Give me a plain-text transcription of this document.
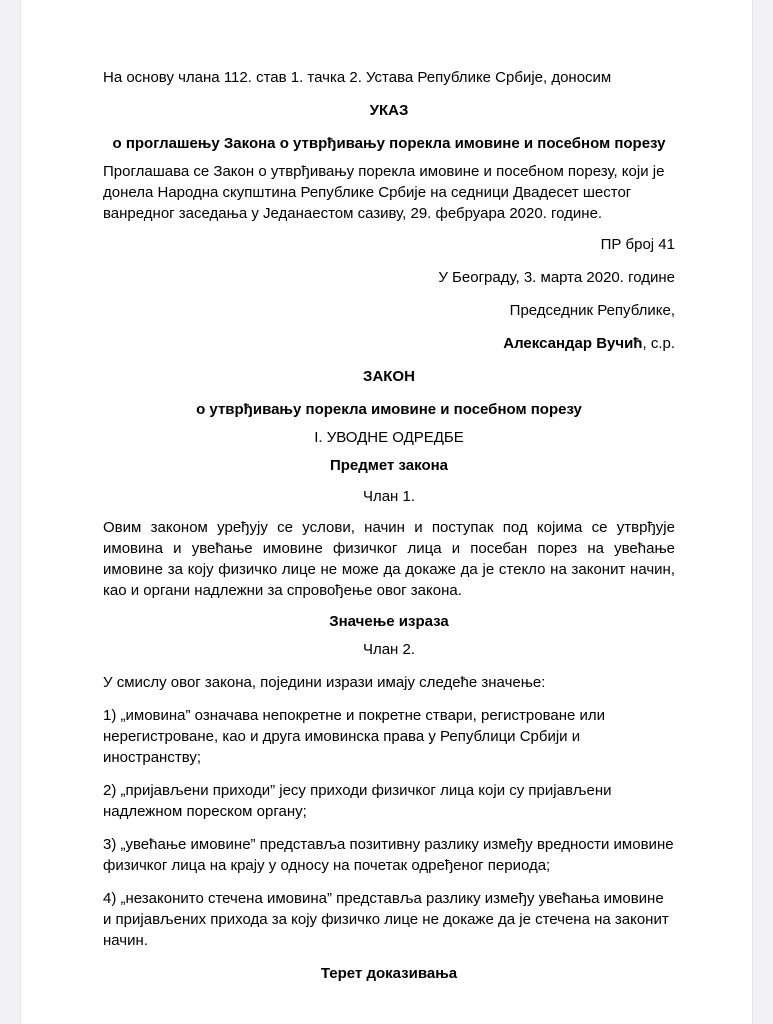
На основу члана 112. став 1. тачка 2. Устава Републике Србије, доносим

УКАЗ

о проглашењу Закона о утврђивању порекла имовине и посебном порезу

Проглашава се Закон о утврђивању порекла имовине и посебном порезу, који је донела Народна скупштина Републике Србије на седници Двадесет шестог ванредног заседања у Једанаестом сазиву, 29. фебруара 2020. године.

ПР број 41

У Београду, 3. марта 2020. године

Председник Републике,

Александар Вучић, с.р.

ЗАКОН

о утврђивању порекла имовине и посебном порезу

I. УВОДНЕ ОДРЕДБЕ

Предмет закона

Члан 1.

Овим законом уређују се услови, начин и поступак под којима се утврђује имовина и увећање имовине физичког лица и посебан порез на увећање имовине за коју физичко лице не може да докаже да је стекло на законит начин, као и органи надлежни за спровођење овог закона.

Значење израза

Члан 2.

У смислу овог закона, поједини изрази имају следеће значење:

1) „имовина” означава непокретне и покретне ствари, регистроване или нерегистроване, као и друга имовинска права у Републици Србији и иностранству;

2) „пријављени приходи” јесу приходи физичког лица који су пријављени надлежном пореском органу;

3) „увећање имовине” представља позитивну разлику између вредности имовине физичког лица на крају у односу на почетак одређеног периода;

4) „незаконито стечена имовина” представља разлику између увећања имовине и пријављених прихода за коју физичко лице не докаже да је стечена на законит начин.

Терет доказивања
